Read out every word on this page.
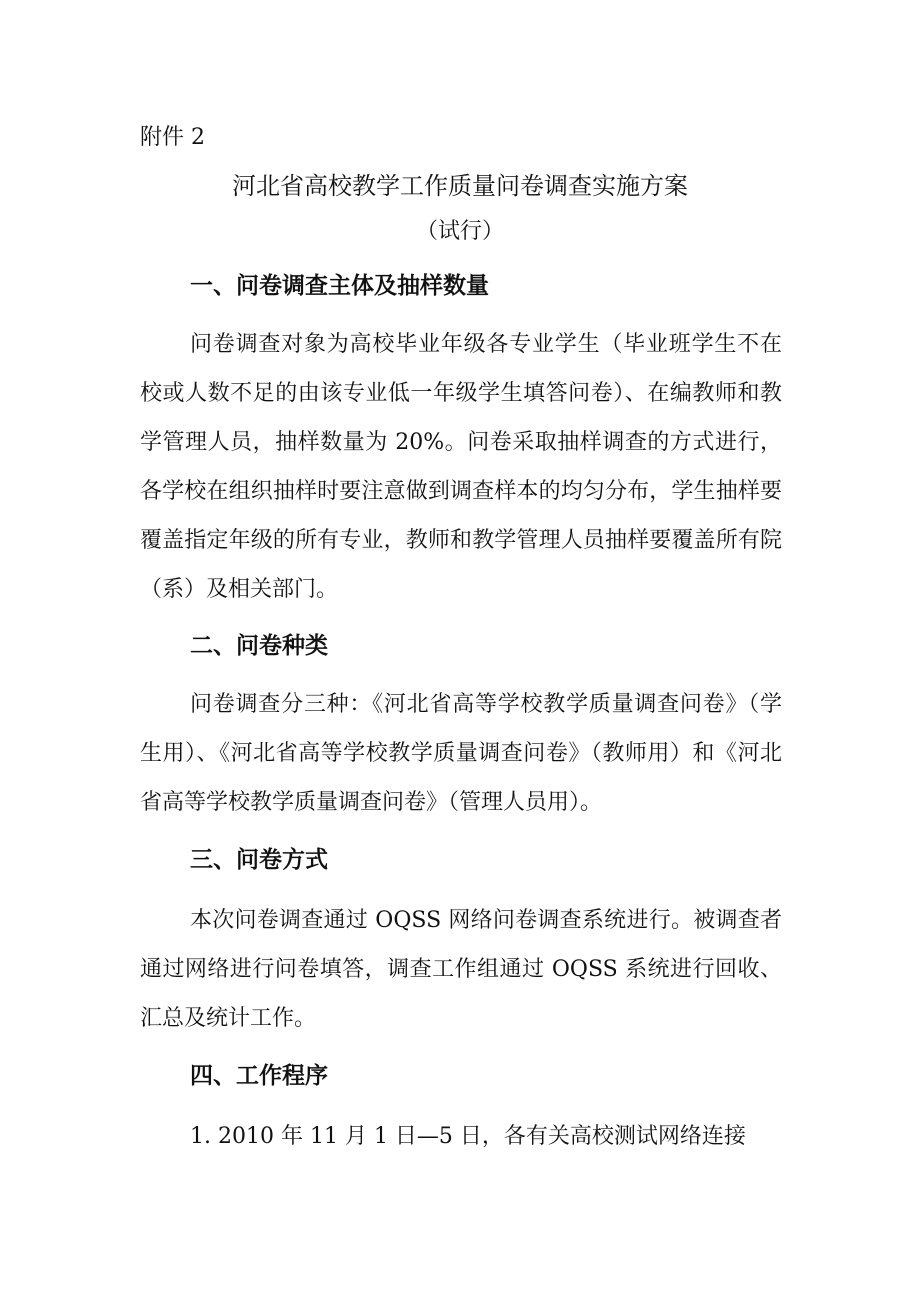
附件 2
河北省高校教学工作质量问卷调查实施方案
（试行）
一、问卷调查主体及抽样数量

问卷调查对象为高校毕业年级各专业学生（毕业班学生不在校或人数不足的由该专业低一年级学生填答问卷）、在编教师和教学管理人员，抽样数量为 20%。问卷采取抽样调查的方式进行，各学校在组织抽样时要注意做到调查样本的均匀分布，学生抽样要覆盖指定年级的所有专业，教师和教学管理人员抽样要覆盖所有院（系）及相关部门。

二、问卷种类

问卷调查分三种：《河北省高等学校教学质量调查问卷》（学生用）、《河北省高等学校教学质量调查问卷》（教师用）和《河北省高等学校教学质量调查问卷》（管理人员用）。

三、问卷方式

本次问卷调查通过 OQSS 网络问卷调查系统进行。被调查者通过网络进行问卷填答，调查工作组通过 OQSS 系统进行回收、汇总及统计工作。

四、工作程序

1. 2010 年 11 月 1 日—5 日，各有关高校测试网络连接
